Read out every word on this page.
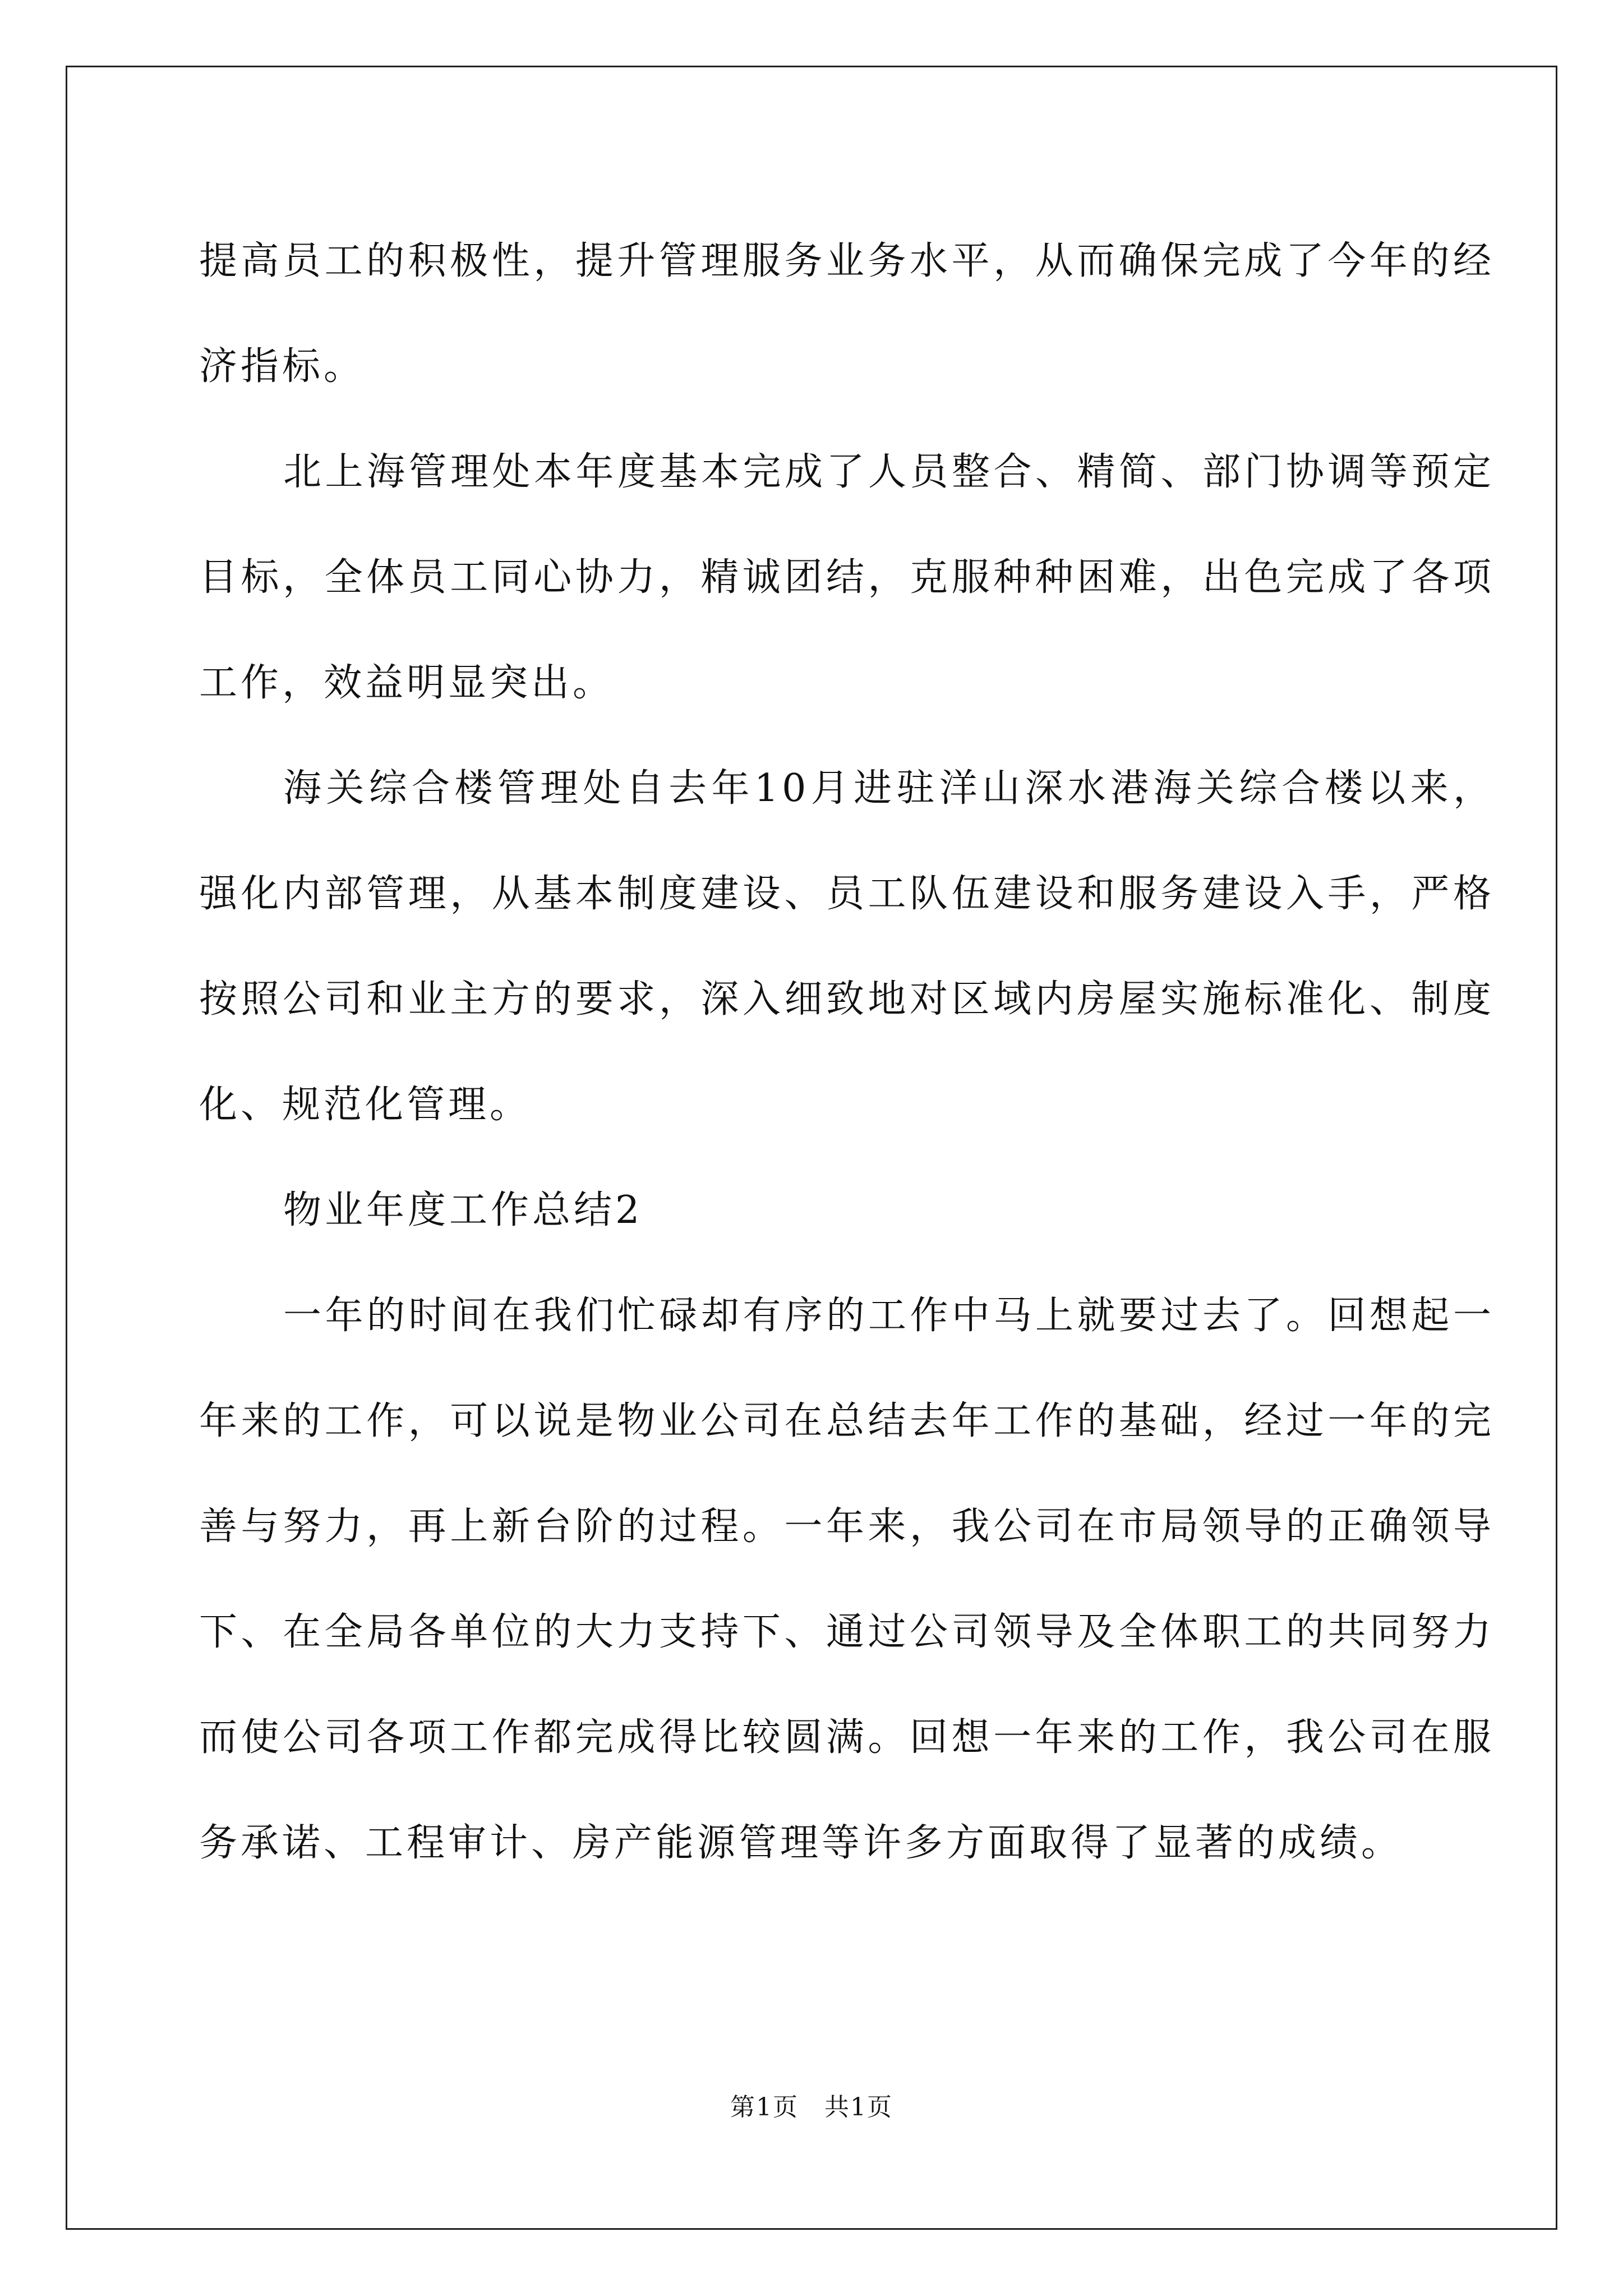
提高员工的积极性，提升管理服务业务水平，从而确保完成了今年的经济指标。

北上海管理处本年度基本完成了人员整合、精简、部门协调等预定目标，全体员工同心协力，精诚团结，克服种种困难，出色完成了各项工作，效益明显突出。

海关综合楼管理处自去年10月进驻洋山深水港海关综合楼以来，强化内部管理，从基本制度建设、员工队伍建设和服务建设入手，严格按照公司和业主方的要求，深入细致地对区域内房屋实施标准化、制度化、规范化管理。

物业年度工作总结2

一年的时间在我们忙碌却有序的工作中马上就要过去了。回想起一年来的工作，可以说是物业公司在总结去年工作的基础，经过一年的完善与努力，再上新台阶的过程。一年来，我公司在市局领导的正确领导下、在全局各单位的大力支持下、通过公司领导及全体职工的共同努力而使公司各项工作都完成得比较圆满。回想一年来的工作，我公司在服务承诺、工程审计、房产能源管理等许多方面取得了显著的成绩。

第1页　共1页
